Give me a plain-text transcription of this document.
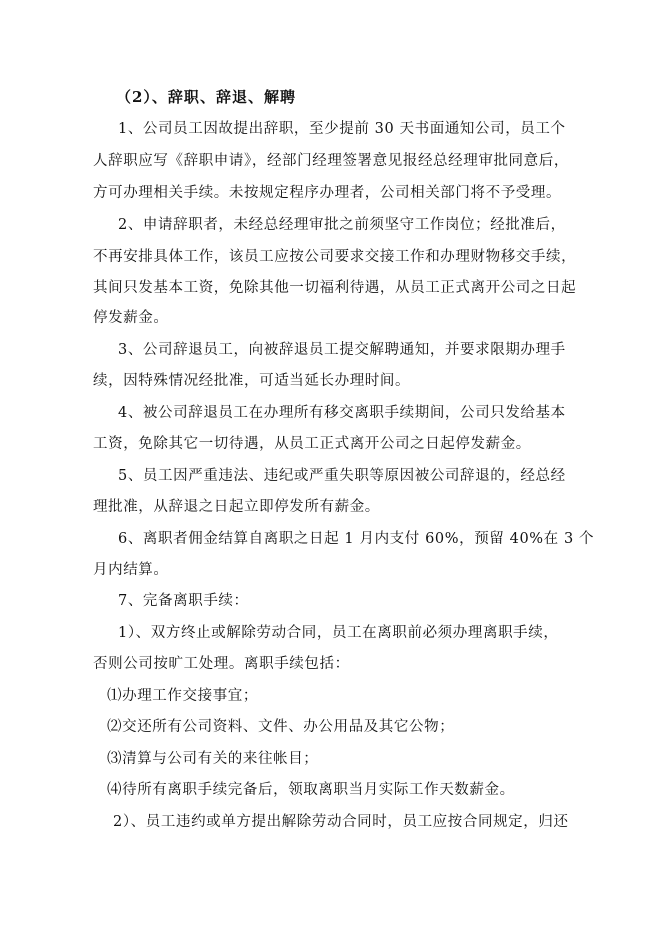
（2）、辞职、辞退、解聘
1、公司员工因故提出辞职，至少提前 30 天书面通知公司，员工个
人辞职应写《辞职申请》，经部门经理签署意见报经总经理审批同意后，
方可办理相关手续。未按规定程序办理者，公司相关部门将不予受理。
2、申请辞职者，未经总经理审批之前须坚守工作岗位；经批准后，
不再安排具体工作，该员工应按公司要求交接工作和办理财物移交手续，
其间只发基本工资，免除其他一切福利待遇，从员工正式离开公司之日起
停发薪金。
3、公司辞退员工，向被辞退员工提交解聘通知，并要求限期办理手
续，因特殊情况经批准，可适当延长办理时间。
4、被公司辞退员工在办理所有移交离职手续期间，公司只发给基本
工资，免除其它一切待遇，从员工正式离开公司之日起停发薪金。
5、员工因严重违法、违纪或严重失职等原因被公司辞退的，经总经
理批准，从辞退之日起立即停发所有薪金。
6、离职者佣金结算自离职之日起 1 月内支付 60%，预留 40%在 3 个
月内结算。
7、完备离职手续：
1）、双方终止或解除劳动合同，员工在离职前必须办理离职手续，
否则公司按旷工处理。离职手续包括：
⑴办理工作交接事宜；
⑵交还所有公司资料、文件、办公用品及其它公物；
⑶清算与公司有关的来往帐目；
⑷待所有离职手续完备后，领取离职当月实际工作天数薪金。
2）、员工违约或单方提出解除劳动合同时，员工应按合同规定，归还
